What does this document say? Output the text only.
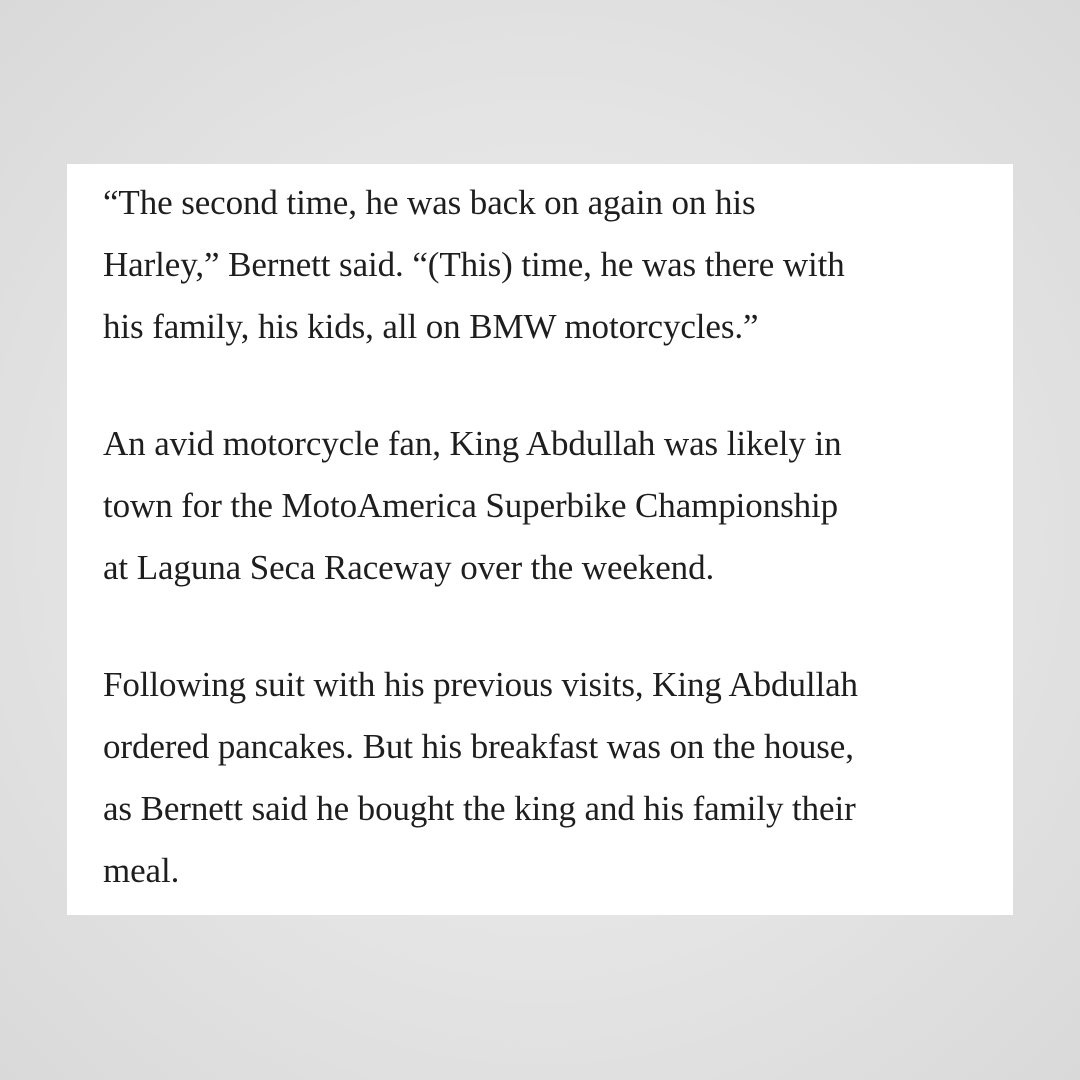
“The second time, he was back on again on his
Harley,” Bernett said. “(This) time, he was there with
his family, his kids, all on BMW motorcycles.”

An avid motorcycle fan, King Abdullah was likely in
town for the MotoAmerica Superbike Championship
at Laguna Seca Raceway over the weekend.

Following suit with his previous visits, King Abdullah
ordered pancakes. But his breakfast was on the house,
as Bernett said he bought the king and his family their
meal.
